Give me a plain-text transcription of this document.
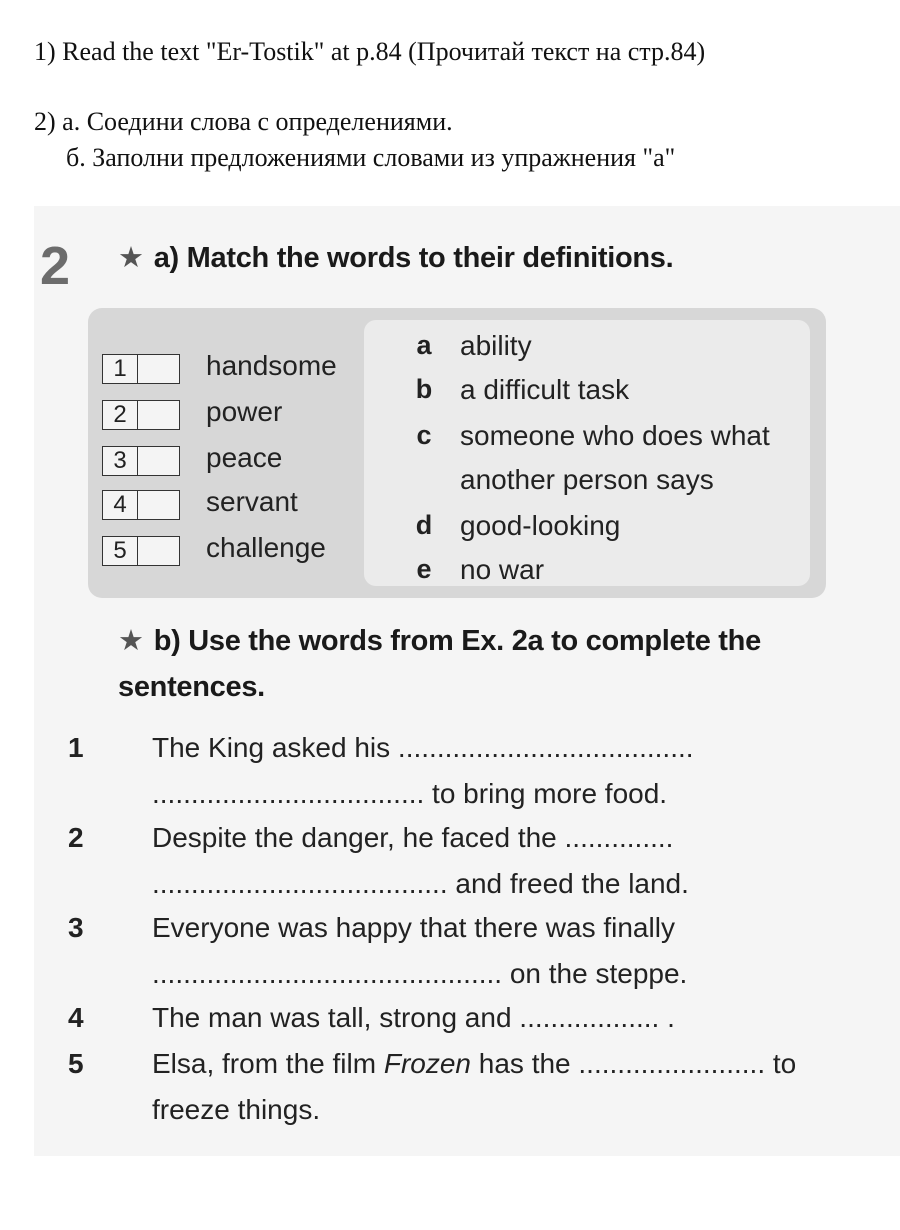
1) Read the text "Er-Tostik" at p.84 (Прочитай текст на стр.84)
2) a. Соедини слова с определениями.
б. Заполни предложениями словами из упражнения "a"
2 ★ a) Match the words to their definitions.
1	handsome
2	power
3	peace
4	servant
5	challenge
a ability
b a difficult task
c someone who does what
another person says
d good-looking
e no war
★ b) Use the words from Ex. 2a to complete the sentences.
1	The King asked his ......................................
................................... to bring more food.
2	Despite the danger, he faced the ..............
...................................... and freed the land.
3	Everyone was happy that there was finally
............................................. on the steppe.
4	The man was tall, strong and .................. .
5	Elsa, from the film Frozen has the ........................ to
freeze things.
